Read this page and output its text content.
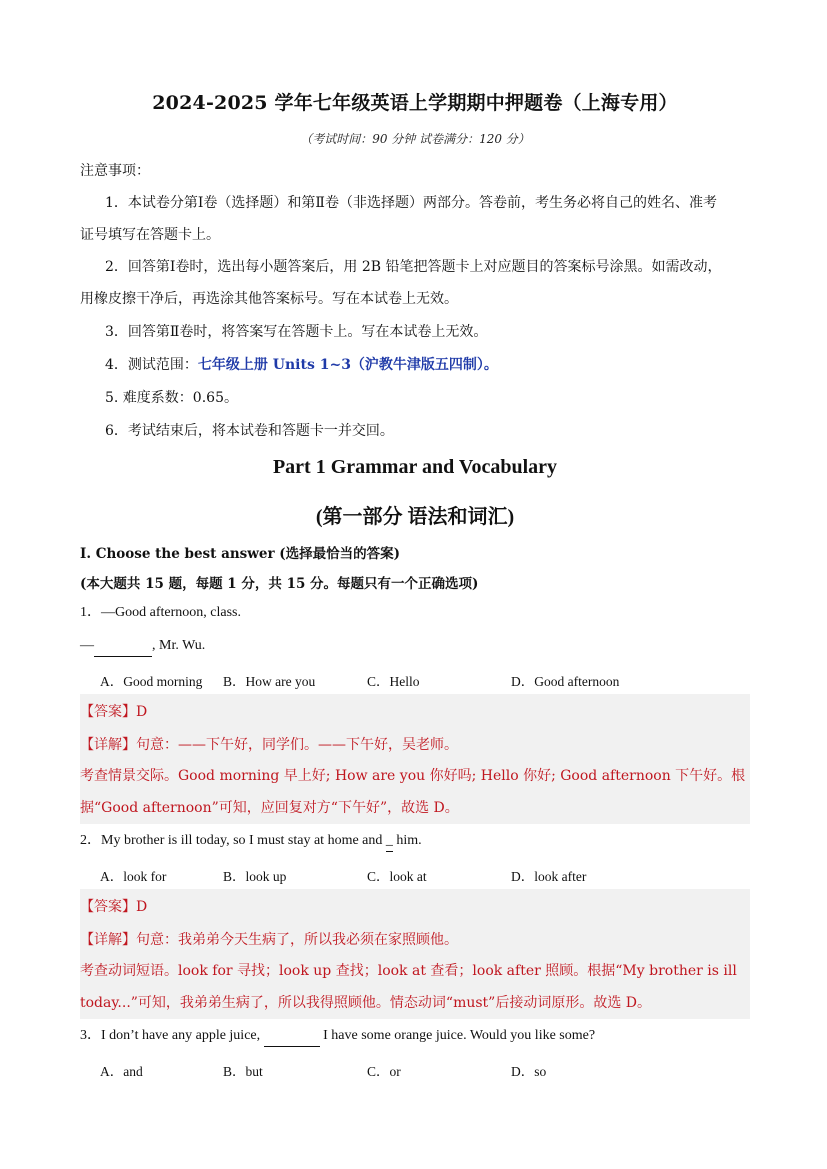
2024-2025 学年七年级英语上学期期中押题卷（上海专用）
（考试时间：90 分钟 试卷满分：120 分）
注意事项：
1．本试卷分第Ⅰ卷（选择题）和第Ⅱ卷（非选择题）两部分。答卷前，考生务必将自己的姓名、准考
证号填写在答题卡上。
2．回答第Ⅰ卷时，选出每小题答案后，用 2B 铅笔把答题卡上对应题目的答案标号涂黑。如需改动，
用橡皮擦干净后，再选涂其他答案标号。写在本试卷上无效。
3．回答第Ⅱ卷时，将答案写在答题卡上。写在本试卷上无效。
4．测试范围：七年级上册 Units 1~3（沪教牛津版五四制）。
5. 难度系数：0.65。
6．考试结束后，将本试卷和答题卡一并交回。
Part 1 Grammar and Vocabulary
(第一部分 语法和词汇)
I. Choose the best answer (选择最恰当的答案)
(本大题共 15 题，每题 1 分，共 15 分。每题只有一个正确选项)
1．—Good afternoon, class.
—	, Mr. Wu.
A．Good morning B．How are you	C．Hello	D．Good afternoon
【答案】D
【详解】句意：——下午好，同学们。——下午好，吴老师。
考查情景交际。Good morning 早上好; How are you 你好吗; Hello 你好; Good afternoon 下午好。根据“Good afternoon”可知，应回复对方“下午好”，故选 D。
2．My brother is ill today, so I must stay at home and _ him.
A．look for	B．look up	C．look at	D．look after
【答案】D
【详解】句意：我弟弟今天生病了，所以我必须在家照顾他。
考查动词短语。look for 寻找；look up 查找；look at 查看；look after 照顾。根据“My brother is ill today...”可知，我弟弟生病了，所以我得照顾他。情态动词“must”后接动词原形。故选 D。
3．I don’t have any apple juice,	I have some orange juice. Would you like some?
A．and	B．but	C．or	D．so
